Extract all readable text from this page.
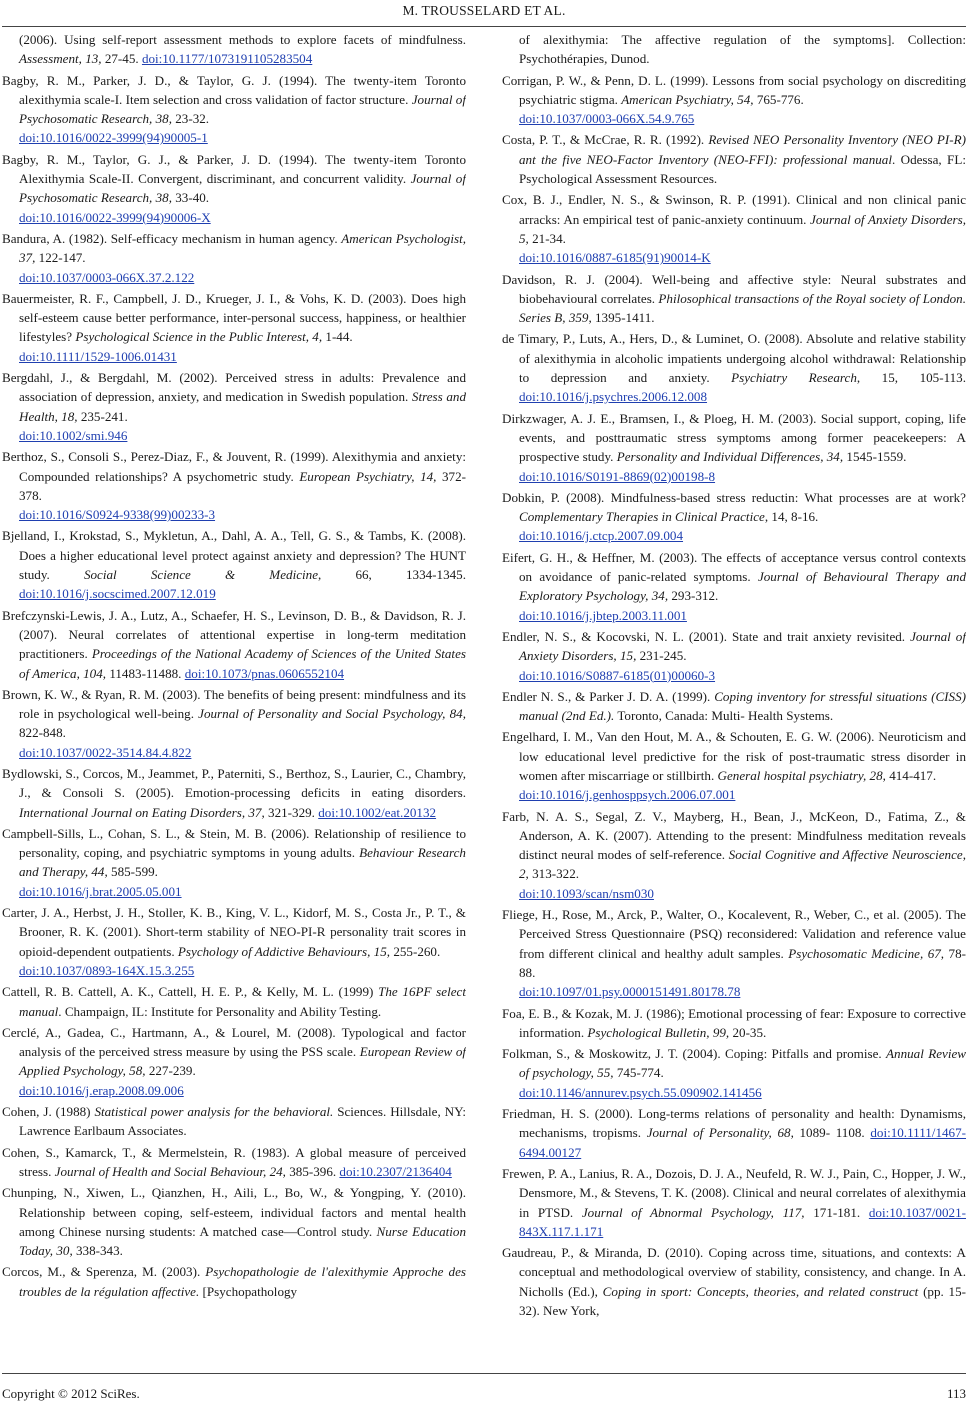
M. TROUSSELARD ET AL.

(2006). Using self-report assessment methods to explore facets of mindfulness. Assessment, 13, 27-45. doi:10.1177/1073191105283504

Bagby, R. M., Parker, J. D., & Taylor, G. J. (1994). The twenty-item Toronto alexithymia scale-I. Item selection and cross validation of factor structure. Journal of Psychosomatic Research, 38, 23-32.
doi:10.1016/0022-3999(94)90005-1

Bagby, R. M., Taylor, G. J., & Parker, J. D. (1994). The twenty-item Toronto Alexithymia Scale-II. Convergent, discriminant, and concurrent validity. Journal of Psychosomatic Research, 38, 33-40.
doi:10.1016/0022-3999(94)90006-X

Bandura, A. (1982). Self-efficacy mechanism in human agency. American Psychologist, 37, 122-147.
doi:10.1037/0003-066X.37.2.122

Bauermeister, R. F., Campbell, J. D., Krueger, J. I., & Vohs, K. D. (2003). Does high self-esteem cause better performance, inter-personal success, happiness, or healthier lifestyles? Psychological Science in the Public Interest, 4, 1-44.
doi:10.1111/1529-1006.01431

Bergdahl, J., & Bergdahl, M. (2002). Perceived stress in adults: Prevalence and association of depression, anxiety, and medication in Swedish population. Stress and Health, 18, 235-241.
doi:10.1002/smi.946

Berthoz, S., Consoli S., Perez-Diaz, F., & Jouvent, R. (1999). Alexithymia and anxiety: Compounded relationships? A psychometric study. European Psychiatry, 14, 372-378.
doi:10.1016/S0924-9338(99)00233-3

Bjelland, I., Krokstad, S., Mykletun, A., Dahl, A. A., Tell, G. S., & Tambs, K. (2008). Does a higher educational level protect against anxiety and depression? The HUNT study. Social Science & Medicine, 66, 1334-1345. doi:10.1016/j.socscimed.2007.12.019

Brefczynski-Lewis, J. A., Lutz, A., Schaefer, H. S., Levinson, D. B., & Davidson, R. J. (2007). Neural correlates of attentional expertise in long-term meditation practitioners. Proceedings of the National Academy of Sciences of the United States of America, 104, 11483-11488. doi:10.1073/pnas.0606552104

Brown, K. W., & Ryan, R. M. (2003). The benefits of being present: mindfulness and its role in psychological well-being. Journal of Personality and Social Psychology, 84, 822-848.
doi:10.1037/0022-3514.84.4.822

Bydlowski, S., Corcos, M., Jeammet, P., Paterniti, S., Berthoz, S., Laurier, C., Chambry, J., & Consoli S. (2005). Emotion-processing deficits in eating disorders. International Journal on Eating Disorders, 37, 321-329. doi:10.1002/eat.20132

Campbell-Sills, L., Cohan, S. L., & Stein, M. B. (2006). Relationship of resilience to personality, coping, and psychiatric symptoms in young adults. Behaviour Research and Therapy, 44, 585-599.
doi:10.1016/j.brat.2005.05.001

Carter, J. A., Herbst, J. H., Stoller, K. B., King, V. L., Kidorf, M. S., Costa Jr., P. T., & Brooner, R. K. (2001). Short-term stability of NEO-PI-R personality trait scores in opioid-dependent outpatients. Psychology of Addictive Behaviours, 15, 255-260.
doi:10.1037/0893-164X.15.3.255

Cattell, R. B. Cattell, A. K., Cattell, H. E. P., & Kelly, M. L. (1999) The 16PF select manual. Champaign, IL: Institute for Personality and Ability Testing.

Cerclé, A., Gadea, C., Hartmann, A., & Lourel, M. (2008). Typological and factor analysis of the perceived stress measure by using the PSS scale. European Review of Applied Psychology, 58, 227-239.
doi:10.1016/j.erap.2008.09.006

Cohen, J. (1988) Statistical power analysis for the behavioral. Sciences. Hillsdale, NY: Lawrence Earlbaum Associates.

Cohen, S., Kamarck, T., & Mermelstein, R. (1983). A global measure of perceived stress. Journal of Health and Social Behaviour, 24, 385-396. doi:10.2307/2136404

Chunping, N., Xiwen, L., Qianzhen, H., Aili, L., Bo, W., & Yongping, Y. (2010). Relationship between coping, self-esteem, individual factors and mental health among Chinese nursing students: A matched case—Control study. Nurse Education Today, 30, 338-343.

Corcos, M., & Sperenza, M. (2003). Psychopathologie de l'alexithymie Approche des troubles de la régulation affective. [Psychopathology

of alexithymia: The affective regulation of the symptoms]. Collection: Psychothérapies, Dunod.

Corrigan, P. W., & Penn, D. L. (1999). Lessons from social psychology on discrediting psychiatric stigma. American Psychiatry, 54, 765-776.
doi:10.1037/0003-066X.54.9.765

Costa, P. T., & McCrae, R. R. (1992). Revised NEO Personality Inventory (NEO PI-R) ant the five NEO-Factor Inventory (NEO-FFI): professional manual. Odessa, FL: Psychological Assessment Resources.

Cox, B. J., Endler, N. S., & Swinson, R. P. (1991). Clinical and non clinical panic arracks: An empirical test of panic-anxiety continuum. Journal of Anxiety Disorders, 5, 21-34.
doi:10.1016/0887-6185(91)90014-K

Davidson, R. J. (2004). Well-being and affective style: Neural substrates and biobehavioural correlates. Philosophical transactions of the Royal society of London. Series B, 359, 1395-1411.

de Timary, P., Luts, A., Hers, D., & Luminet, O. (2008). Absolute and relative stability of alexithymia in alcoholic impatients undergoing alcohol withdrawal: Relationship to depression and anxiety. Psychiatry Research, 15, 105-113. doi:10.1016/j.psychres.2006.12.008

Dirkzwager, A. J. E., Bramsen, I., & Ploeg, H. M. (2003). Social support, coping, life events, and posttraumatic stress symptoms among former peacekeepers: A prospective study. Personality and Individual Differences, 34, 1545-1559.
doi:10.1016/S0191-8869(02)00198-8

Dobkin, P. (2008). Mindfulness-based stress reductin: What processes are at work? Complementary Therapies in Clinical Practice, 14, 8-16.
doi:10.1016/j.ctcp.2007.09.004

Eifert, G. H., & Heffner, M. (2003). The effects of acceptance versus control contexts on avoidance of panic-related symptoms. Journal of Behavioural Therapy and Exploratory Psychology, 34, 293-312.
doi:10.1016/j.jbtep.2003.11.001

Endler, N. S., & Kocovski, N. L. (2001). State and trait anxiety revisited. Journal of Anxiety Disorders, 15, 231-245.
doi:10.1016/S0887-6185(01)00060-3

Endler N. S., & Parker J. D. A. (1999). Coping inventory for stressful situations (CISS) manual (2nd Ed.). Toronto, Canada: Multi- Health Systems.

Engelhard, I. M., Van den Hout, M. A., & Schouten, E. G. W. (2006). Neuroticism and low educational level predictive for the risk of post-traumatic stress disorder in women after miscarriage or stillbirth. General hospital psychiatry, 28, 414-417.
doi:10.1016/j.genhosppsych.2006.07.001

Farb, N. A. S., Segal, Z. V., Mayberg, H., Bean, J., McKeon, D., Fatima, Z., & Anderson, A. K. (2007). Attending to the present: Mindfulness meditation reveals distinct neural modes of self-reference. Social Cognitive and Affective Neuroscience, 2, 313-322.
doi:10.1093/scan/nsm030

Fliege, H., Rose, M., Arck, P., Walter, O., Kocalevent, R., Weber, C., et al. (2005). The Perceived Stress Questionnaire (PSQ) reconsidered: Validation and reference value from different clinical and healthy adult samples. Psychosomatic Medicine, 67, 78-88.
doi:10.1097/01.psy.0000151491.80178.78

Foa, E. B., & Kozak, M. J. (1986); Emotional processing of fear: Exposure to corrective information. Psychological Bulletin, 99, 20-35.

Folkman, S., & Moskowitz, J. T. (2004). Coping: Pitfalls and promise. Annual Review of psychology, 55, 745-774.
doi:10.1146/annurev.psych.55.090902.141456

Friedman, H. S. (2000). Long-terms relations of personality and health: Dynamisms, mechanisms, tropisms. Journal of Personality, 68, 1089- 1108. doi:10.1111/1467-6494.00127

Frewen, P. A., Lanius, R. A., Dozois, D. J. A., Neufeld, R. W. J., Pain, C., Hopper, J. W., Densmore, M., & Stevens, T. K. (2008). Clinical and neural correlates of alexithymia in PTSD. Journal of Abnormal Psychology, 117, 171-181. doi:10.1037/0021-843X.117.1.171

Gaudreau, P., & Miranda, D. (2010). Coping across time, situations, and contexts: A conceptual and methodological overview of stability, consistency, and change. In A. Nicholls (Ed.), Coping in sport: Concepts, theories, and related construct (pp. 15-32). New York,

Copyright © 2012 SciRes.	113
